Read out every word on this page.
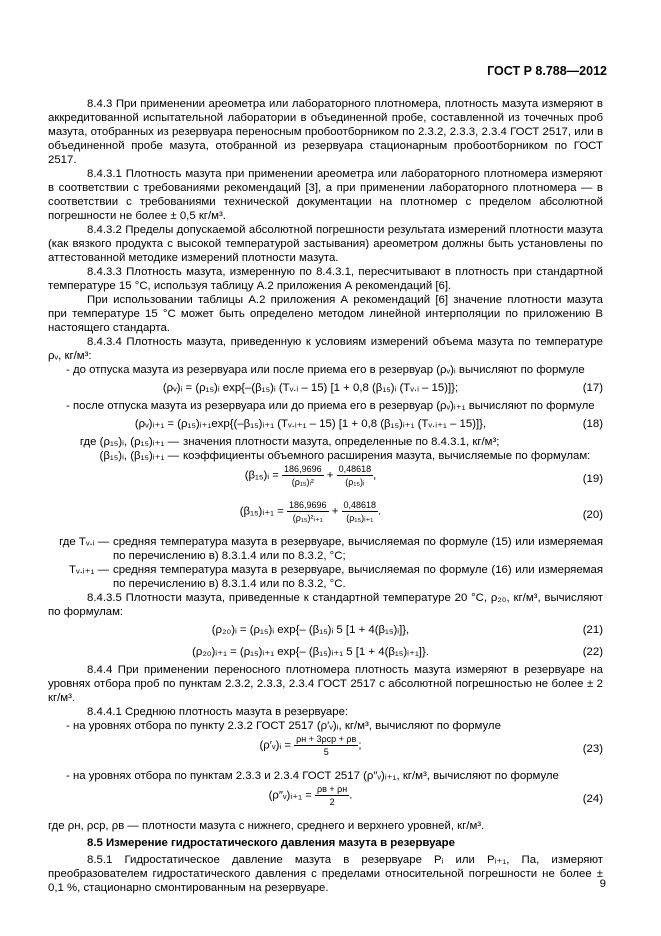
ГОСТ Р 8.788—2012

8.4.3 При применении ареометра или лабораторного плотномера, плотность мазута измеряют в аккредитованной испытательной лаборатории в объединенной пробе, составленной из точечных проб мазута, отобранных из резервуара переносным пробоотборником по 2.3.2, 2.3.3, 2.3.4 ГОСТ 2517, или в объединенной пробе мазута, отобранной из резервуара стационарным пробоотборником по ГОСТ 2517.

8.4.3.1 Плотность мазута при применении ареометра или лабораторного плотномера измеряют в соответствии с требованиями рекомендаций [3], а при применении лабораторного плотномера — в соответствии с требованиями технической документации на плотномер с пределом абсолютной погрешности не более ± 0,5 кг/м³.

8.4.3.2 Пределы допускаемой абсолютной погрешности результата измерений плотности мазута (как вязкого продукта с высокой температурой застывания) ареометром должны быть установлены по аттестованной методике измерений плотности мазута.

8.4.3.3 Плотность мазута, измеренную по 8.4.3.1, пересчитывают в плотность при стандартной температуре 15 °С, используя таблицу А.2 приложения А рекомендаций [6].

При использовании таблицы А.2 приложения А рекомендаций [6] значение плотности мазута при температуре 15 °С может быть определено методом линейной интерполяции по приложению В настоящего стандарта.

8.4.3.4 Плотность мазута, приведенную к условиям измерений объема мазута по температуре ρᵥ, кг/м³:

- до отпуска мазута из резервуара или после приема его в резервуар (ρᵥ)ᵢ вычисляют по формуле

(ρᵥ)ᵢ = (ρ₁₅)ᵢ exp{–(β₁₅)ᵢ (Tᵥ.ᵢ – 15) [1 + 0,8 (β₁₅)ᵢ (Tᵥ.ᵢ – 15)]};	(17)

- после отпуска мазута из резервуара или до приема его в резервуар (ρᵥ)ᵢ₊₁ вычисляют по формуле

(ρᵥ)ᵢ₊₁ = (ρ₁₅)ᵢ₊₁exp{(–β₁₅)ᵢ₊₁ (Tᵥ.ᵢ₊₁ – 15) [1 + 0,8 (β₁₅)ᵢ₊₁ (Tᵥ.ᵢ₊₁ – 15)]},	(18)
где (ρ₁₅)ᵢ, (ρ₁₅)ᵢ₊₁ — значения плотности мазута, определенные по 8.4.3.1, кг/м³;
(β₁₅)ᵢ, (β₁₅)ᵢ₊₁ — коэффициенты объемного расширения мазута, вычисляемые по формулам:
(β₁₅)ᵢ = $\frac{186,9696}{\text{(ρ₁₅)ᵢ²}} + \frac{0,48618}{\text{(ρ₁₅)ᵢ}}$ ,	(19)
(β₁₅)ᵢ₊₁ = $\frac{186,9696}{\text{(ρ₁₅)²ᵢ₊₁}} + \frac{0,48618}{\text{(ρ₁₅)ᵢ₊₁}}$ .	(20)
где Tᵥ.ᵢ — средняя температура мазута в резервуаре, вычисляемая по формуле (15) или измеряемая по перечислению в) 8.3.1.4 или по 8.3.2, °С;
Tᵥ.ᵢ₊₁ — средняя температура мазута в резервуаре, вычисляемая по формуле (16) или измеряемая по перечислению в) 8.3.1.4 или по 8.3.2, °С.

8.4.3.5 Плотности мазута, приведенные к стандартной температуре 20 °С, ρ₂₀, кг/м³, вычисляют по формулам:

(ρ₂₀)ᵢ = (ρ₁₅)ᵢ exp{– (β₁₅)ᵢ 5 [1 + 4(β₁₅)ᵢ]},	(21)
(ρ₂₀)ᵢ₊₁ = (ρ₁₅)ᵢ₊₁ exp{– (β₁₅)ᵢ₊₁ 5 [1 + 4(β₁₅)ᵢ₊₁]}.	(22)

8.4.4 При применении переносного плотномера плотность мазута измеряют в резервуаре на уровнях отбора проб по пунктам 2.3.2, 2.3.3, 2.3.4 ГОСТ 2517 с абсолютной погрешностью не более ± 2 кг/м³.

8.4.4.1 Среднюю плотность мазута в резервуаре:

- на уровнях отбора по пункту 2.3.2 ГОСТ 2517 (ρ′ᵥ)ᵢ, кг/м³, вычисляют по формуле

(ρ′ᵥ)ᵢ = $\frac{\text{ρн + 3ρср + ρв}}{5}$ ;	(23)

- на уровнях отбора по пунктам 2.3.3 и 2.3.4 ГОСТ 2517 (ρ″ᵥ)ᵢ₊₁, кг/м³, вычисляют по формуле

(ρ″ᵥ)ᵢ₊₁ = $\frac{\rho в + \rho н}{2}$ .	(24)

где ρн, ρср, ρв — плотности мазута с нижнего, среднего и верхнего уровней, кг/м³.

8.5 Измерение гидростатического давления мазута в резервуаре

8.5.1 Гидростатическое давление мазута в резервуаре Pᵢ или Pᵢ₊₁, Па, измеряют преобразователем гидростатического давления с пределами относительной погрешности не более ± 0,1 %, стационарно смонтированным на резервуаре.	9
